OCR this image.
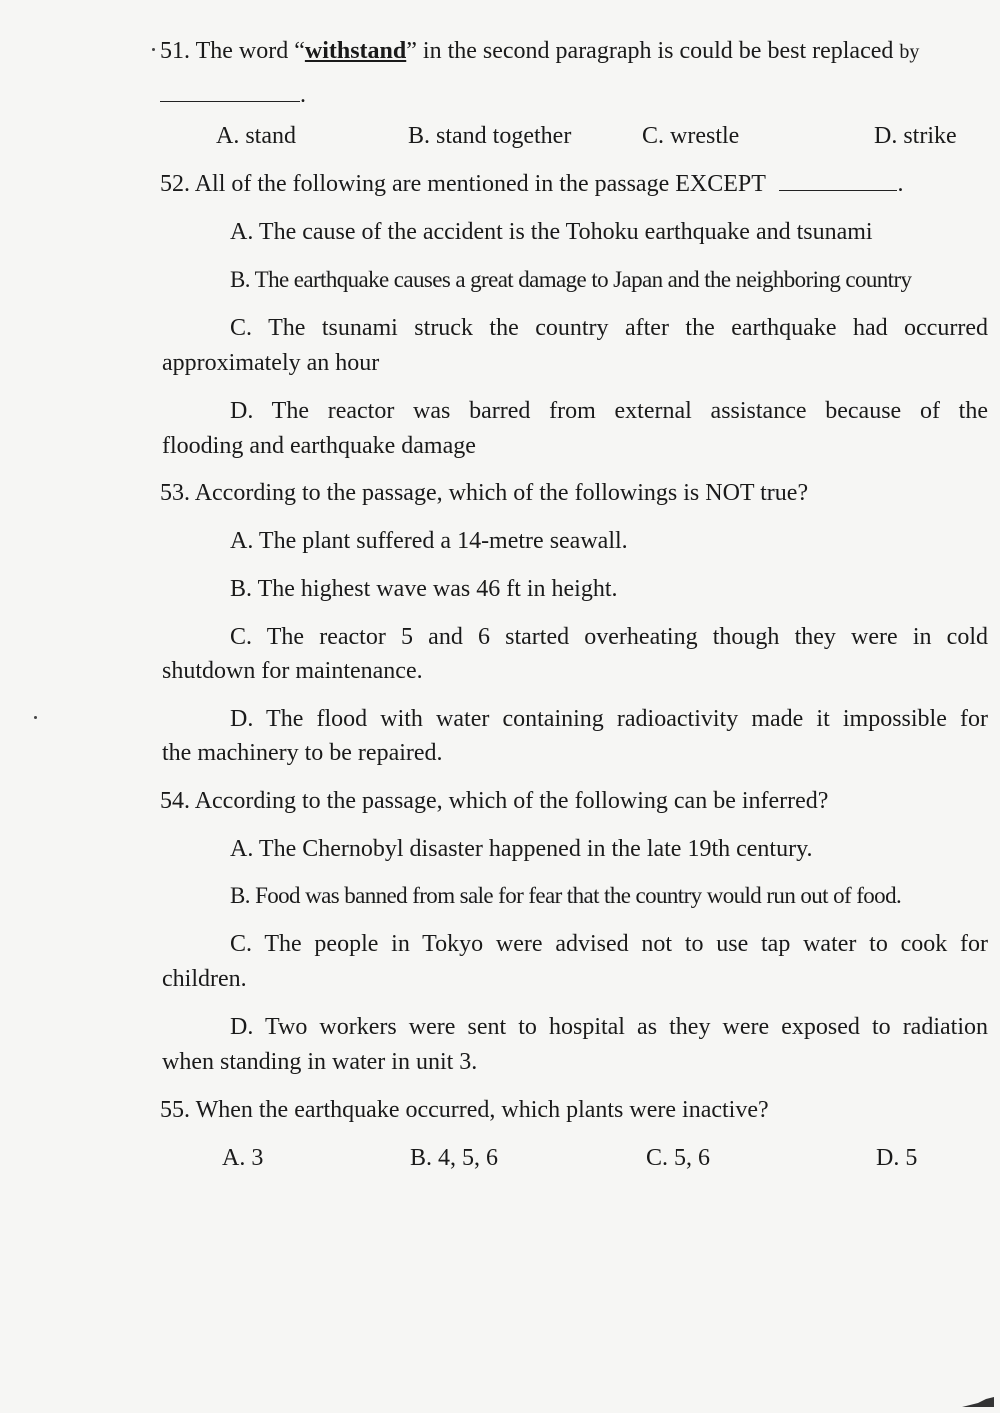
51. The word “withstand” in the second paragraph is could be best replaced by
.
A. stand	B. stand together	C. wrestle	D. strike
52. All of the following are mentioned in the passage EXCEPT	.
A. The cause of the accident is the Tohoku earthquake and tsunami
B. The earthquake causes a great damage to Japan and the neighboring country
C. The tsunami struck the country after the earthquake had occurred
approximately an hour
D. The reactor was barred from external assistance because of the
flooding and earthquake damage
53. According to the passage, which of the followings is NOT true?
A. The plant suffered a 14-metre seawall.
B. The highest wave was 46 ft in height.
C. The reactor 5 and 6 started overheating though they were in cold
shutdown for maintenance.
D. The flood with water containing radioactivity made it impossible for
the machinery to be repaired.
54. According to the passage, which of the following can be inferred?
A. The Chernobyl disaster happened in the late 19th century.
B. Food was banned from sale for fear that the country would run out of food.
C. The people in Tokyo were advised not to use tap water to cook for
children.
D. Two workers were sent to hospital as they were exposed to radiation
when standing in water in unit 3.
55. When the earthquake occurred, which plants were inactive?
A. 3	B. 4, 5, 6	C. 5, 6	D. 5
